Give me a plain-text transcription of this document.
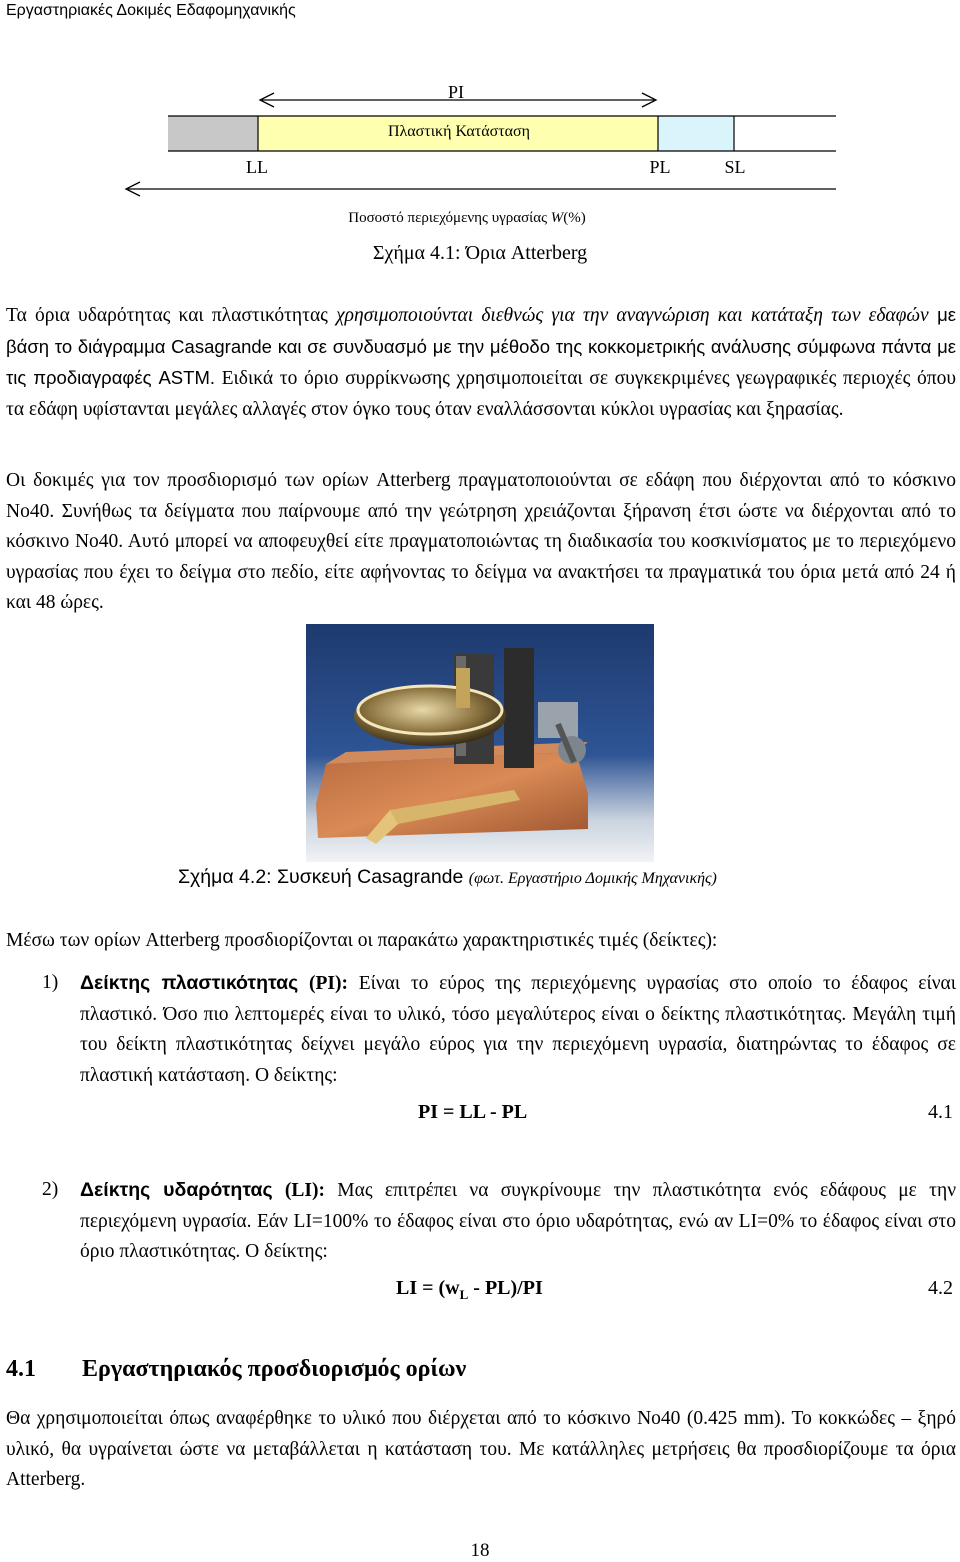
Εργαστηριακές Δοκιμές Εδαφομηχανικής
PI
Πλαστική Κατάσταση
LL	PL	SL
Ποσοστό περιεχόμενης υγρασίας W(%)
Σχήμα 4.1: Όρια Atterberg

Τα όρια υδαρότητας και πλαστικότητας χρησιμοποιούνται διεθνώς για την αναγνώριση και κατάταξη των εδαφών με βάση το διάγραμμα Casagrande και σε συνδυασμό με την μέθοδο της κοκκομετρικής ανάλυσης σύμφωνα πάντα με τις προδιαγραφές ASTM. Ειδικά το όριο συρρίκνωσης χρησιμοποιείται σε συγκεκριμένες γεωγραφικές περιοχές όπου τα εδάφη υφίστανται μεγάλες αλλαγές στον όγκο τους όταν εναλλάσσονται κύκλοι υγρασίας και ξηρασίας.

Οι δοκιμές για τον προσδιορισμό των ορίων Atterberg πραγματοποιούνται σε εδάφη που διέρχονται από το κόσκινο Νο40. Συνήθως τα δείγματα που παίρνουμε από την γεώτρηση χρειάζονται ξήρανση έτσι ώστε να διέρχονται από το κόσκινο Νο40. Αυτό μπορεί να αποφευχθεί είτε πραγματοποιώντας τη διαδικασία του κοσκινίσματος με το περιεχόμενο υγρασίας που έχει το δείγμα στο πεδίο, είτε αφήνοντας το δείγμα να ανακτήσει τα πραγματικά του όρια μετά από 24 ή και 48 ώρες.

Σχήμα 4.2: Συσκευή Casagrande (φωτ. Εργαστήριο Δομικής Μηχανικής)

Μέσω των ορίων Atterberg προσδιορίζονται οι παρακάτω χαρακτηριστικές τιμές (δείκτες):

1) Δείκτης πλαστικότητας (PI): Είναι το εύρος της περιεχόμενης υγρασίας στο οποίο το έδαφος είναι πλαστικό. Όσο πιο λεπτομερές είναι το υλικό, τόσο μεγαλύτερος είναι ο δείκτης πλαστικότητας. Μεγάλη τιμή του δείκτη πλαστικότητας δείχνει μεγάλο εύρος για την περιεχόμενη υγρασία, διατηρώντας το έδαφος σε πλαστική κατάσταση. Ο δείκτης:
PI = LL - PL	4.1
2) Δείκτης υδαρότητας (LI): Μας επιτρέπει να συγκρίνουμε την πλαστικότητα ενός εδάφους με την περιεχόμενη υγρασία. Εάν LI=100% το έδαφος είναι στο όριο υδαρότητας, ενώ αν LI=0% το έδαφος είναι στο όριο πλαστικότητας. Ο δείκτης:
LI = $(w_L - PL)/PI$	4.2
4.1 Εργαστηριακός προσδιορισμός ορίων

Θα χρησιμοποιείται όπως αναφέρθηκε το υλικό που διέρχεται από το κόσκινο Νο40 (0.425 mm). Το κοκκώδες – ξηρό υλικό, θα υγραίνεται ώστε να μεταβάλλεται η κατάσταση του. Με κατάλληλες μετρήσεις θα προσδιορίζουμε τα όρια Atterberg.

18
